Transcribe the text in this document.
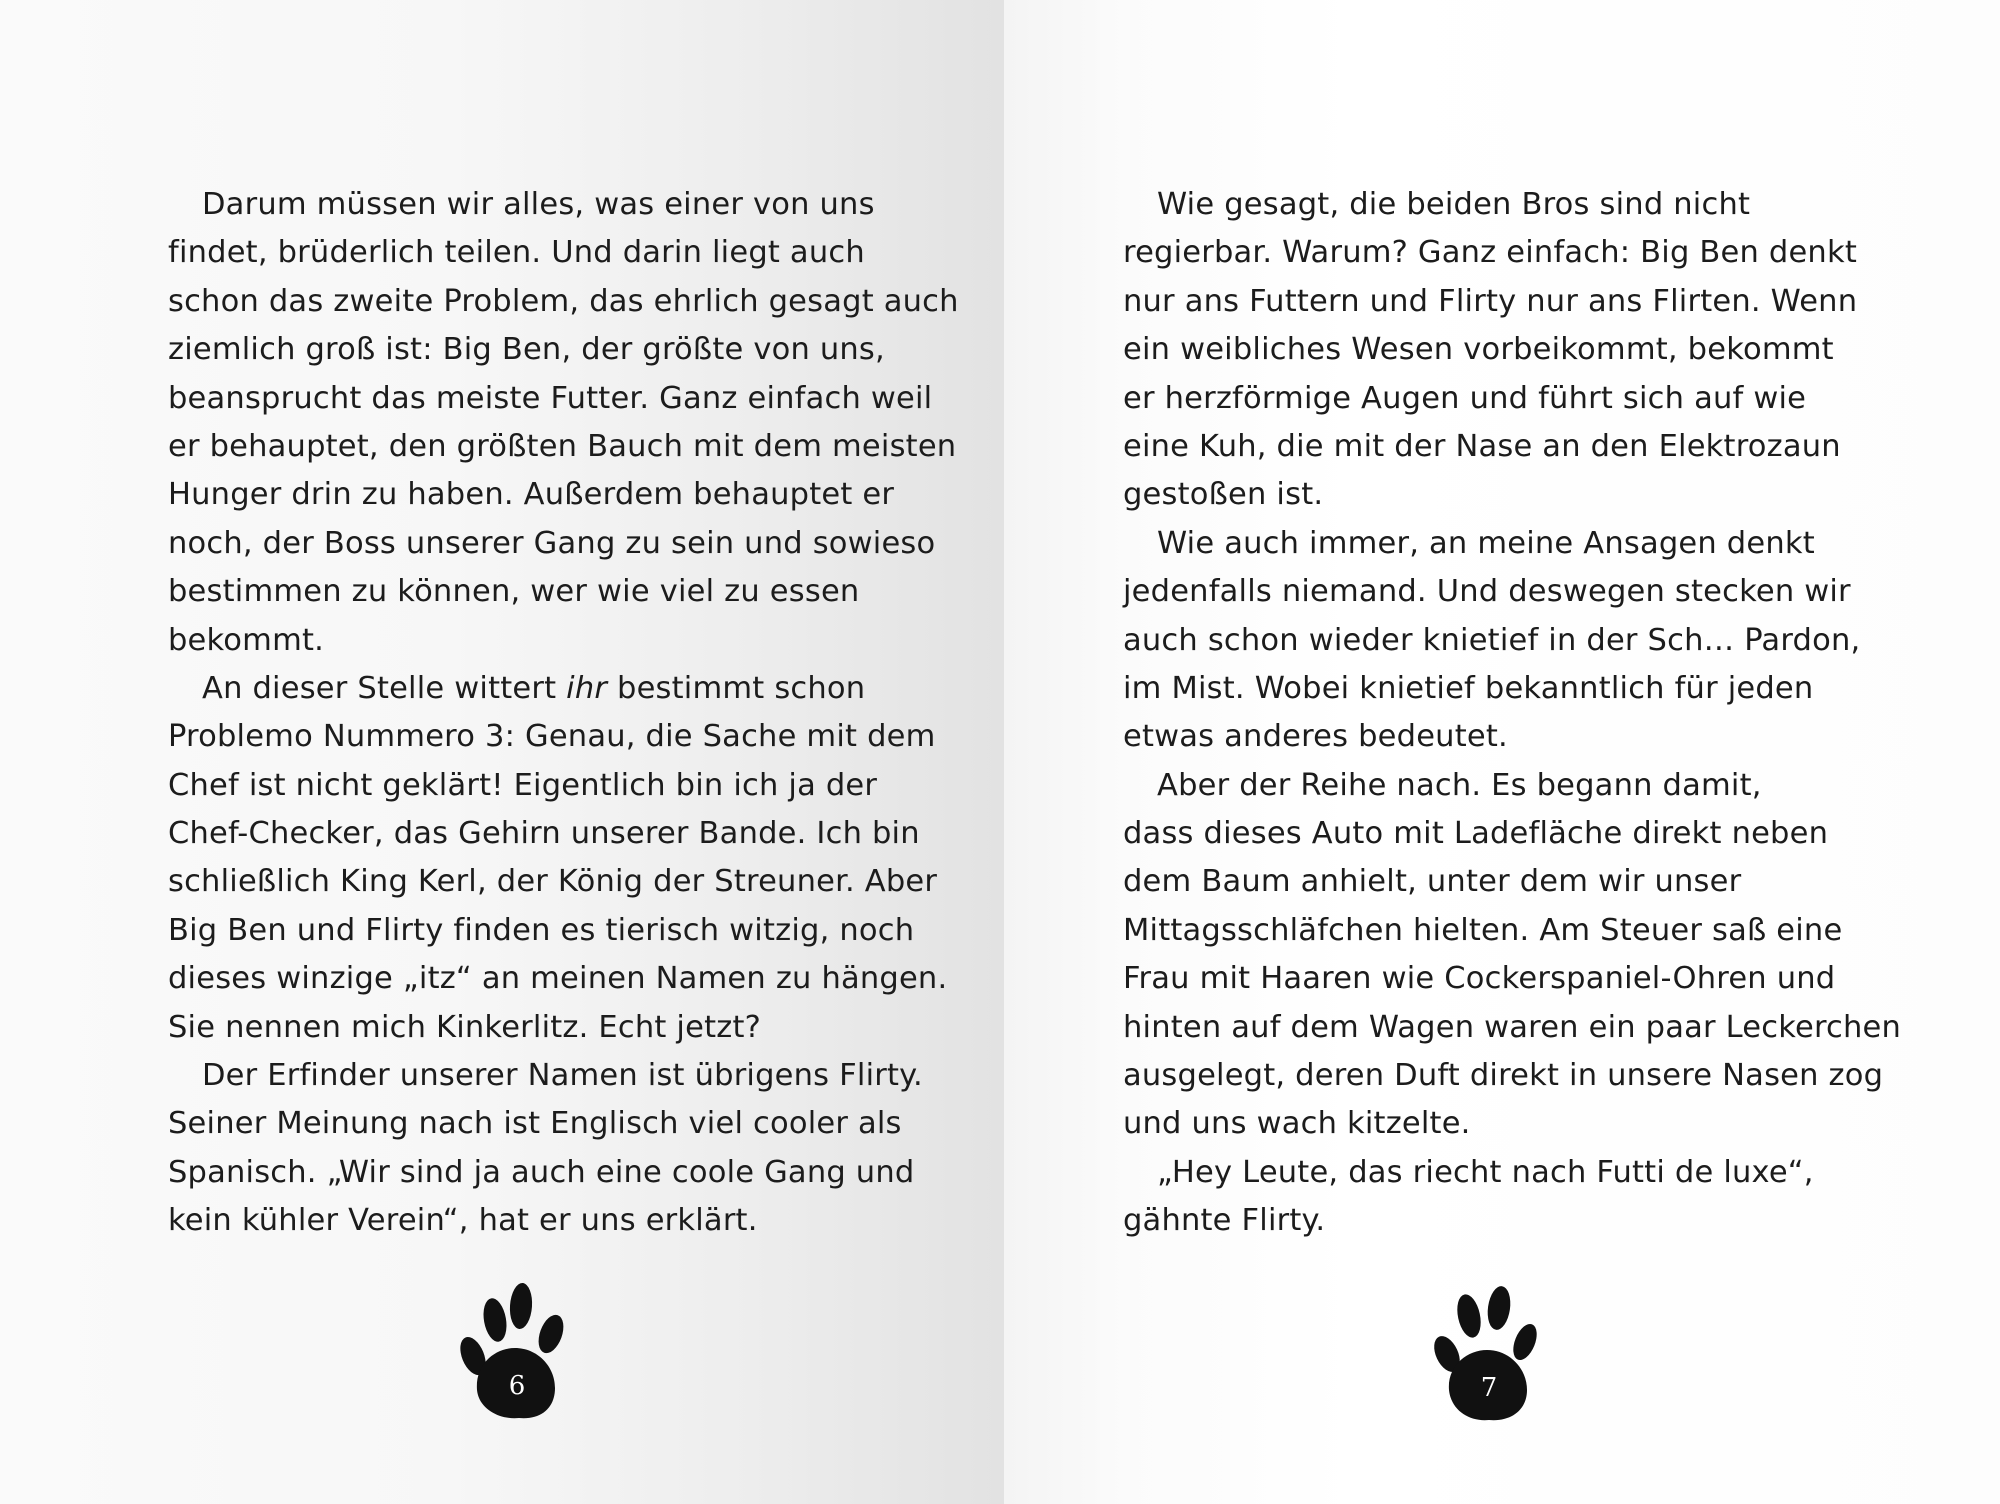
Darum müssen wir alles, was einer von uns
findet, brüderlich teilen. Und darin liegt auch
schon das zweite Problem, das ehrlich gesagt auch
ziemlich groß ist: Big Ben, der größte von uns,
beansprucht das meiste Futter. Ganz einfach weil
er behauptet, den größten Bauch mit dem meisten
Hunger drin zu haben. Außerdem behauptet er
noch, der Boss unserer Gang zu sein und sowieso
bestimmen zu können, wer wie viel zu essen
bekommt.
An dieser Stelle wittert ihr bestimmt schon
Problemo Nummero 3: Genau, die Sache mit dem
Chef ist nicht geklärt! Eigentlich bin ich ja der
Chef-Checker, das Gehirn unserer Bande. Ich bin
schließlich King Kerl, der König der Streuner. Aber
Big Ben und Flirty finden es tierisch witzig, noch
dieses winzige „itz“ an meinen Namen zu hängen.
Sie nennen mich Kinkerlitz. Echt jetzt?
Der Erfinder unserer Namen ist übrigens Flirty.
Seiner Meinung nach ist Englisch viel cooler als
Spanisch. „Wir sind ja auch eine coole Gang und
kein kühler Verein“, hat er uns erklärt.
6
Wie gesagt, die beiden Bros sind nicht
regierbar. Warum? Ganz einfach: Big Ben denkt
nur ans Futtern und Flirty nur ans Flirten. Wenn
ein weibliches Wesen vorbeikommt, bekommt
er herzförmige Augen und führt sich auf wie
eine Kuh, die mit der Nase an den Elektrozaun
gestoßen ist.
Wie auch immer, an meine Ansagen denkt
jedenfalls niemand. Und deswegen stecken wir
auch schon wieder knietief in der Sch… Pardon,
im Mist. Wobei knietief bekanntlich für jeden
etwas anderes bedeutet.
Aber der Reihe nach. Es begann damit,
dass dieses Auto mit Ladefläche direkt neben
dem Baum anhielt, unter dem wir unser
Mittagsschläfchen hielten. Am Steuer saß eine
Frau mit Haaren wie Cockerspaniel-Ohren und
hinten auf dem Wagen waren ein paar Leckerchen
ausgelegt, deren Duft direkt in unsere Nasen zog
und uns wach kitzelte.
„Hey Leute, das riecht nach Futti de luxe“,
gähnte Flirty.
7
